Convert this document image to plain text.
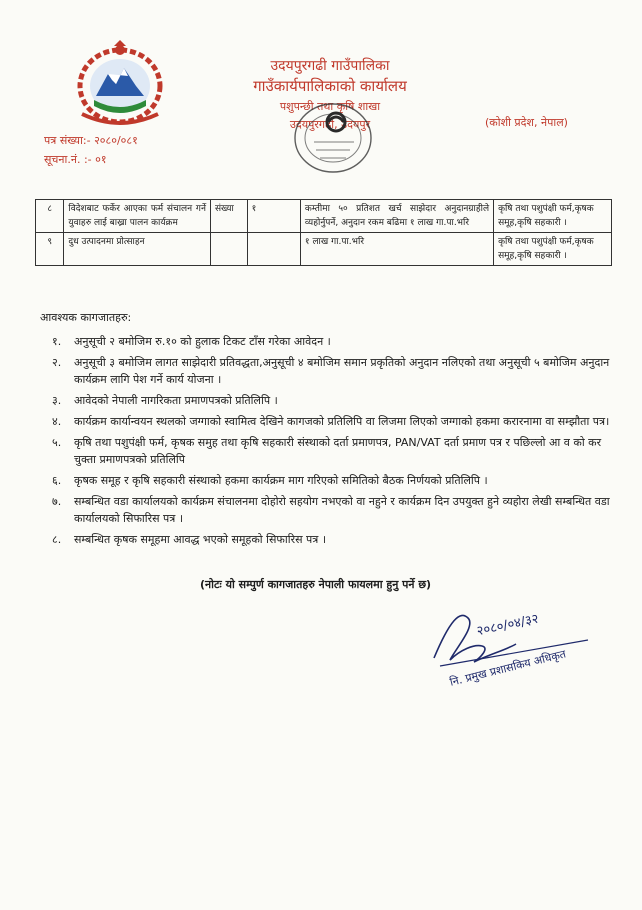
उदयपुरगढी गाउँपालिका
गाउँकार्यपालिकाको कार्यालय
पशुपन्छी तथा कृषि शाखा
उदयपुरगढी, उदयपुर	(कोशी प्रदेश, नेपाल)
पत्र संख्या:- २०८०/०८१
सूचना.नं. :- ०१
८	विदेशबाट फर्केर आएका फर्म संचालन गर्ने युवाहरु लाई बाख्रा पालन कार्यक्रम	संख्या	१	कम्तीमा ५० प्रतिशत खर्च साझेदार अनुदानग्राहीले व्यहोर्नुपर्ने, अनुदान रकम बढिमा १ लाख गा.पा.भरि	कृषि तथा पशुपंक्षी फर्म,कृषक समूह,कृषि सहकारी ।
९	दुध उत्पादनमा प्रोत्साहन			१ लाख गा.पा.भरि	कृषि तथा पशुपंक्षी फर्म,कृषक समूह,कृषि सहकारी ।
आवश्यक कागजातहरु:
१.	अनुसूची २ बमोजिम रु.१० को हुलाक टिकट टाँस गरेका आवेदन ।
२.	अनुसूची ३ बमोजिम लागत साझेदारी प्रतिवद्धता,अनुसूची ४ बमोजिम समान प्रकृतिको अनुदान नलिएको तथा अनुसूची ५ बमोजिम अनुदान कार्यक्रम लागि पेश गर्ने कार्य योजना ।
३.	आवेदको नेपाली नागरिकता प्रमाणपत्रको प्रतिलिपि ।
४.	कार्यक्रम कार्यान्वयन स्थलको जग्गाको स्वामित्व देखिने कागजको प्रतिलिपि वा लिजमा लिएको जग्गाको हकमा करारनामा वा सम्झौता पत्र।
५.	कृषि तथा पशुपंक्षी फर्म, कृषक समुह तथा कृषि सहकारी संस्थाको दर्ता प्रमाणपत्र, PAN/VAT दर्ता प्रमाण पत्र र पछिल्लो आ व को कर चुक्ता प्रमाणपत्रको प्रतिलिपि
६.	कृषक समूह र कृषि सहकारी संस्थाको हकमा कार्यक्रम माग गरिएको समितिको बैठक निर्णयको प्रतिलिपि ।
७.	सम्बन्धित वडा कार्यालयको कार्यक्रम संचालनमा दोहोरो सहयोग नभएको वा नहुने र कार्यक्रम दिन उपयुक्त हुने व्यहोरा लेखी सम्बन्धित वडा कार्यालयको सिफारिस पत्र ।
८.	सम्बन्धित कृषक समूहमा आवद्ध भएको समूहको सिफारिस पत्र ।
(नोटः यो सम्पुर्ण कागजातहरु नेपाली फायलमा हुनु पर्ने छ)
२०८०/०४/३२
नि. प्रमुख प्रशासकिय अधिकृत
